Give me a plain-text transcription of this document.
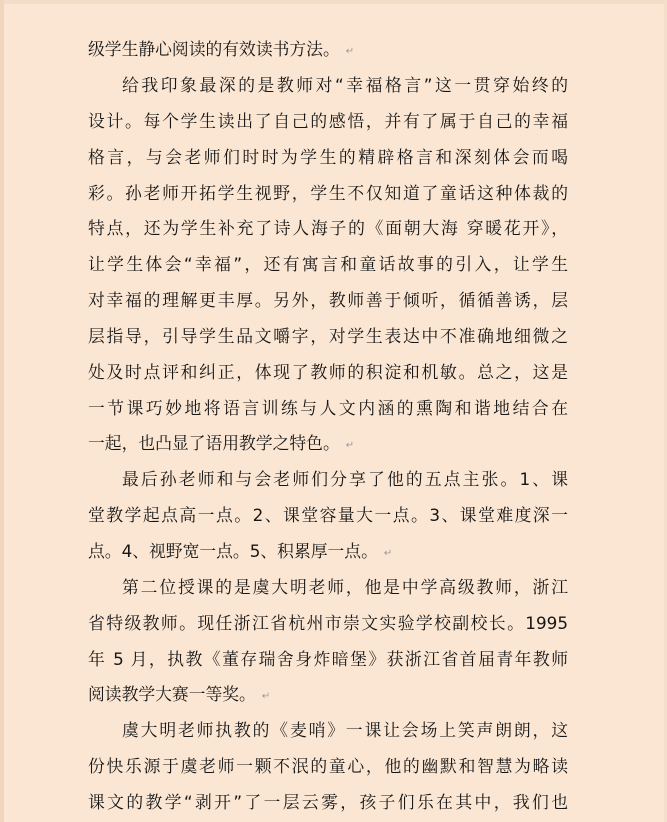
级学生静心阅读的有效读书方法。 ↵
给我印象最深的是教师对“幸福格言”这一贯穿始终的
设计。每个学生读出了自己的感悟，并有了属于自己的幸福
格言，与会老师们时时为学生的精辟格言和深刻体会而喝
彩。孙老师开拓学生视野，学生不仅知道了童话这种体裁的
特点，还为学生补充了诗人海子的《面朝大海 穿暖花开》，
让学生体会“幸福”，还有寓言和童话故事的引入，让学生
对幸福的理解更丰厚。另外，教师善于倾听，循循善诱，层
层指导，引导学生品文嚼字，对学生表达中不准确地细微之
处及时点评和纠正，体现了教师的积淀和机敏。总之，这是
一节课巧妙地将语言训练与人文内涵的熏陶和谐地结合在
一起，也凸显了语用教学之特色。 ↵
最后孙老师和与会老师们分享了他的五点主张。1、课
堂教学起点高一点。2、课堂容量大一点。3、课堂难度深一
点。4、视野宽一点。5、积累厚一点。 ↵
第二位授课的是虞大明老师，他是中学高级教师，浙江
省特级教师。现任浙江省杭州市崇文实验学校副校长。1995
年 5 月，执教《董存瑞舍身炸暗堡》获浙江省首届青年教师
阅读教学大赛一等奖。 ↵
虞大明老师执教的《麦哨》一课让会场上笑声朗朗，这
份快乐源于虞老师一颗不泯的童心，他的幽默和智慧为略读
课文的教学“剥开”了一层云雾，孩子们乐在其中，我们也
